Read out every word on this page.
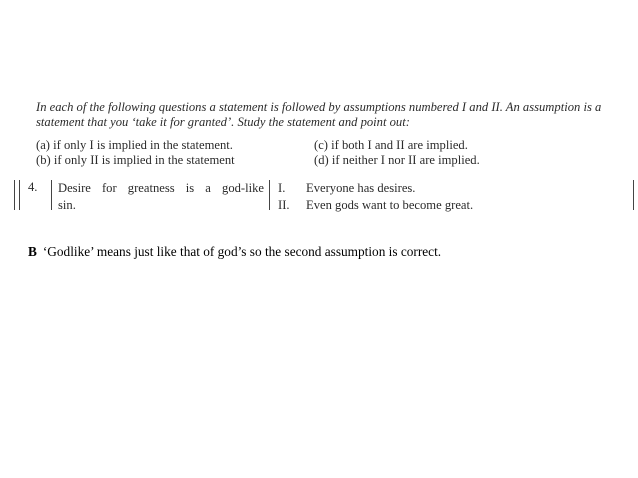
In each of the following questions a statement is followed by assumptions numbered I and II. An assumption is a statement that you ‘take it for granted’. Study the statement and point out:
(a) if only I is implied in the statement.
(b) if only II is implied in the statement
(c) if both I and II are implied.
(d) if neither I nor II are implied.
4. Desire for greatness is a god-like
sin.
I. Everyone has desires.
II. Even gods want to become great.
B ‘Godlike’ means just like that of god’s so the second assumption is correct.
